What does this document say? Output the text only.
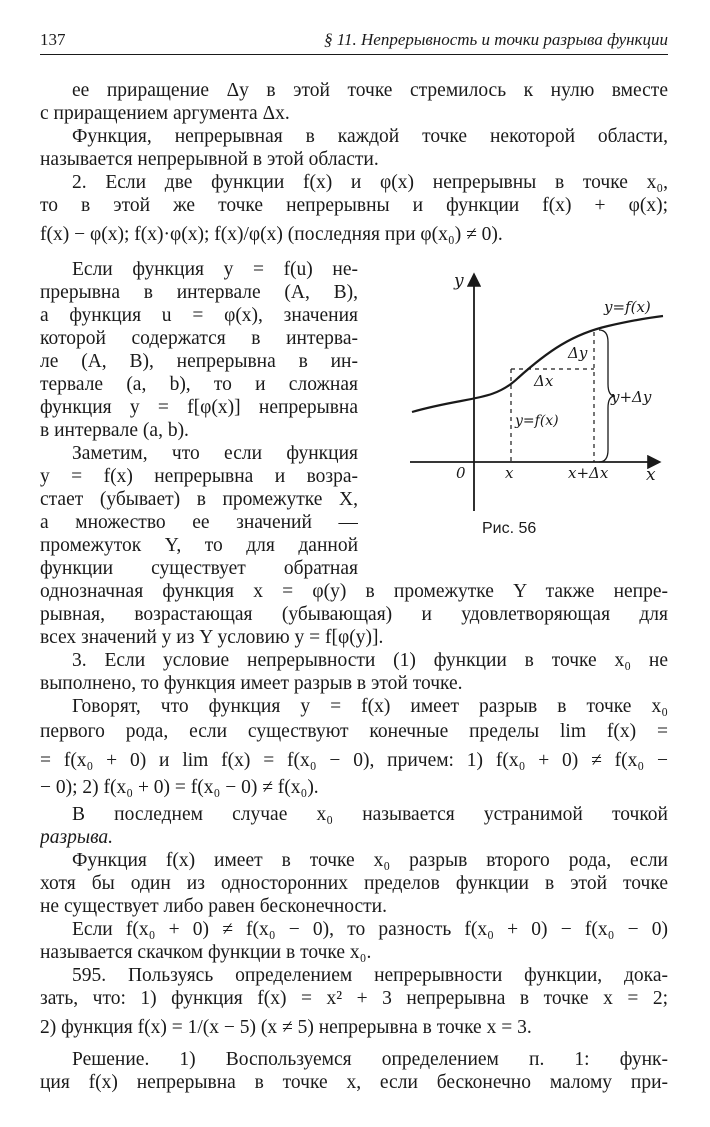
137	§ 11. Непрерывность и точки разрыва функции
ее приращение Δy в этой точке стремилось к нулю вместе
с приращением аргумента Δx.
Функция, непрерывная в каждой точке некоторой области,
называется непрерывной в этой области.
2. Если две функции f(x) и φ(x) непрерывны в точке x₀,
то в этой же точке непрерывны и функции f(x) + φ(x);
f(x) − φ(x); f(x)·φ(x); f(x)/φ(x) (последняя при φ(x₀) ≠ 0).
Если функция y = f(u) не-
прерывна в интервале (A, B),
а функция u = φ(x), значения
которой содержатся в интерва-
ле (A, B), непрерывна в ин-
тервале (a, b), то и сложная
функция y = f[φ(x)] непрерывна
в интервале (a, b).
Заметим, что если функция
y = f(x) непрерывна и возра-
стает (убывает) в промежутке X,
а множество ее значений —
промежуток Y, то для данной
функции существует обратная
однозначная функция x = φ(y) в промежутке Y также непре-
рывная, возрастающая (убывающая) и удовлетворяющая для
всех значений y из Y условию y = f[φ(y)].
3. Если условие непрерывности (1) функции в точке x₀ не
выполнено, то функция имеет разрыв в этой точке.
Говорят, что функция y = f(x) имеет разрыв в точке x₀
первого рода, если существуют конечные пределы lim f(x) =
= f(x₀ + 0) и lim f(x) = f(x₀ − 0), причем: 1) f(x₀ + 0) ≠ f(x₀ −
− 0); 2) f(x₀ + 0) = f(x₀ − 0) ≠ f(x₀).
В последнем случае x₀ называется устранимой точкой
разрыва.
Функция f(x) имеет в точке x₀ разрыв второго рода, если
хотя бы один из односторонних пределов функции в этой точке
не существует либо равен бесконечности.
Если f(x₀ + 0) ≠ f(x₀ − 0), то разность f(x₀ + 0) − f(x₀ − 0)
называется скачком функции в точке x₀.
595. Пользуясь определением непрерывности функции, дока-
зать, что: 1) функция f(x) = x² + 3 непрерывна в точке x = 2;
2) функция f(x) = 1/(x − 5) (x ≠ 5) непрерывна в точке x = 3.
Решение. 1) Воспользуемся определением п. 1: функ-
ция f(x) непрерывна в точке x, если бесконечно малому при-
y
x
0
y=f(x)
Δy
Δx
y+Δy
y=f(x)
x	x+Δx
Рис. 56
